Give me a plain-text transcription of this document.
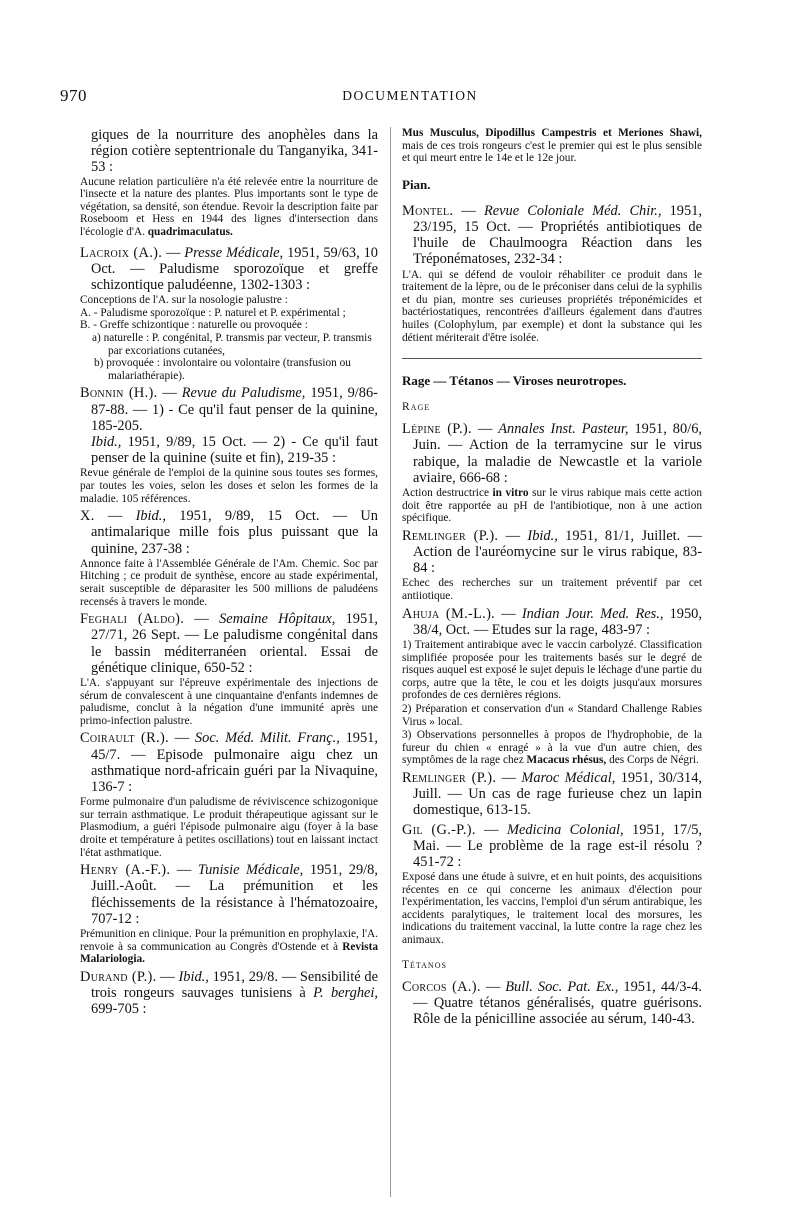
970	DOCUMENTATION

giques de la nourriture des anophèles dans la région cotière septentrionale du Tanganyika, 341-53 :

Aucune relation particulière n'a été relevée entre la nourriture de l'insecte et la nature des plantes. Plus importants sont le type de végétation, sa densité, son étendue. Revoir la description faite par Roseboom et Hess en 1944 des lignes d'intersection dans l'écologie d'A. quadrimaculatus.

Lacroix (A.). — Presse Médicale, 1951, 59/63, 10 Oct. — Paludisme sporozoïque et greffe schizontique paludéenne, 1302-1303 :

Conceptions de l'A. sur la nosologie palustre :

A. - Paludisme sporozoïque : P. naturel et P. expérimental ;
B. - Greffe schizontique : naturelle ou provoquée :
a) naturelle : P. congénital, P. transmis par vecteur, P. transmis par excoriations cutanées,
b) provoquée : involontaire ou volontaire (transfusion ou malariathérapie).

Bonnin (H.). — Revue du Paludisme, 1951, 9/86-87-88. — 1) - Ce qu'il faut penser de la quinine, 185-205.

Ibid., 1951, 9/89, 15 Oct. — 2) - Ce qu'il faut penser de la quinine (suite et fin), 219-35 :

Revue générale de l'emploi de la quinine sous toutes ses formes, par toutes les voies, selon les doses et selon les formes de la maladie. 105 références.

X. — Ibid., 1951, 9/89, 15 Oct. — Un antimalarique mille fois plus puissant que la quinine, 237-38 :

Annonce faite à l'Assemblée Générale de l'Am. Chemic. Soc par Hitching ; ce produit de synthèse, encore au stade expérimental, serait susceptible de déparasiter les 500 millions de paludéens recensés à travers le monde.

Feghali (Aldo). — Semaine Hôpitaux, 1951, 27/71, 26 Sept. — Le paludisme congénital dans le bassin méditerranéen oriental. Essai de génétique clinique, 650-52 :

L'A. s'appuyant sur l'épreuve expérimentale des injections de sérum de convalescent à une cinquantaine d'enfants indemnes de paludisme, conclut à la négation d'une immunité après une primo-infection palustre.

Coirault (R.). — Soc. Méd. Milit. Franç., 1951, 45/7. — Episode pulmonaire aigu chez un asthmatique nord-africain guéri par la Nivaquine, 136-7 :

Forme pulmonaire d'un paludisme de réviviscence schizogonique sur terrain asthmatique. Le produit thérapeutique agissant sur le Plasmodium, a guéri l'épisode pulmonaire aigu (foyer à la base droite et température à petites oscillations) tout en laissant inctact l'état asthmatique.

Henry (A.-F.). — Tunisie Médicale, 1951, 29/8, Juill.-Août. — La prémunition et les fléchissements de la résistance à l'hématozoaire, 707-12 :

Prémunition en clinique. Pour la prémunition en prophylaxie, l'A. renvoie à sa communication au Congrès d'Ostende et à Revista Malariologia.

Durand (P.). — Ibid., 1951, 29/8. — Sensibilité de trois rongeurs sauvages tunisiens à P. berghei, 699-705 :

Mus Musculus, Dipodillus Campestris et Meriones Shawi, mais de ces trois rongeurs c'est le premier qui est le plus sensible et qui meurt entre le 14e et le 12e jour.

Pian.

Montel. — Revue Coloniale Méd. Chir., 1951, 23/195, 15 Oct. — Propriétés antibiotiques de l'huile de Chaulmoogra Réaction dans les Tréponématoses, 232-34 :

L'A. qui se défend de vouloir réhabiliter ce produit dans le traitement de la lèpre, ou de le préconiser dans celui de la syphilis et du pian, montre ses curieuses propriétés tréponémicides et bactériostatiques, rencontrées d'ailleurs également dans d'autres huiles (Colophylum, par exemple) et dont la substance qui les détient mériterait d'être isolée.

Rage — Tétanos — Viroses neurotropes.
Rage

Lépine (P.). — Annales Inst. Pasteur, 1951, 80/6, Juin. — Action de la terramycine sur le virus rabique, la maladie de Newcastle et la variole aviaire, 666-68 :

Action destructrice in vitro sur le virus rabique mais cette action doit être rapportée au pH de l'antibiotique, non à une action spécifique.

Remlinger (P.). — Ibid., 1951, 81/1, Juillet. — Action de l'auréomycine sur le virus rabique, 83-84 :

Echec des recherches sur un traitement préventif par cet antiiotique.

Ahuja (M.-L.). — Indian Jour. Med. Res., 1950, 38/4, Oct. — Etudes sur la rage, 483-97 :

1) Traitement antirabique avec le vaccin carbolyzé. Classification simplifiée proposée pour les traitements basés sur le degré de risques auquel est exposé le sujet depuis le léchage d'une partie du corps, autre que la tête, le cou et les doigts jusqu'aux morsures profondes de ces dernières régions.

2) Préparation et conservation d'un « Standard Challenge Rabies Virus » local.

3) Observations personnelles à propos de l'hydrophobie, de la fureur du chien « enragé » à la vue d'un autre chien, des symptômes de la rage chez Macacus rhésus, des Corps de Négri.

Remlinger (P.). — Maroc Médical, 1951, 30/314, Juill. — Un cas de rage furieuse chez un lapin domestique, 613-15.

Gil (G.-P.). — Medicina Colonial, 1951, 17/5, Mai. — Le problème de la rage est-il résolu ? 451-72 :

Exposé dans une étude à suivre, et en huit points, des acquisitions récentes en ce qui concerne les animaux d'élection pour l'expérimentation, les vaccins, l'emploi d'un sérum antirabique, les accidents paralytiques, le traitement local des morsures, les indications du traitement vaccinal, la lutte contre la rage chez les animaux.

Tétanos

Corcos (A.). — Bull. Soc. Pat. Ex., 1951, 44/3-4. — Quatre tétanos généralisés, quatre guérisons. Rôle de la pénicilline associée au sérum, 140-43.
